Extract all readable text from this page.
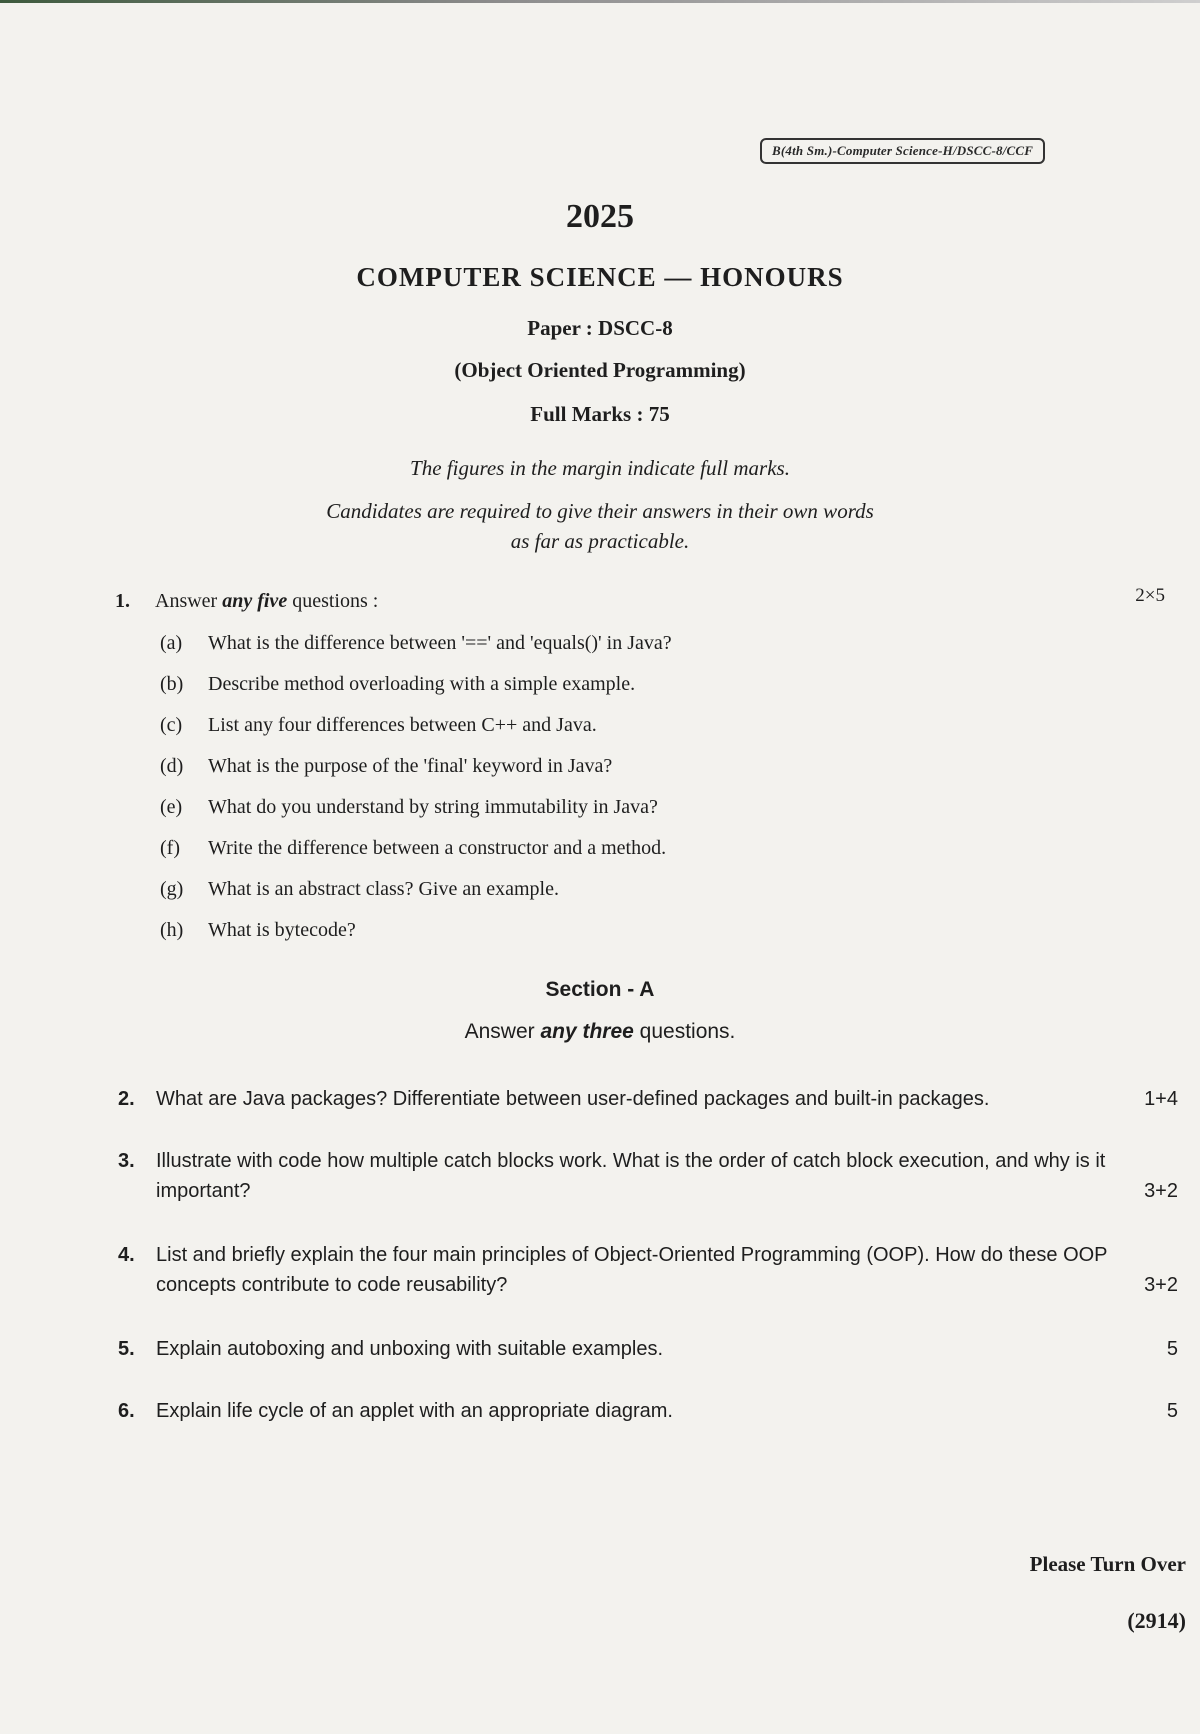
B(4th Sm.)-Computer Science-H/DSCC-8/CCF
2025
COMPUTER SCIENCE — HONOURS
Paper : DSCC-8
(Object Oriented Programming)
Full Marks : 75
The figures in the margin indicate full marks.
Candidates are required to give their answers in their own words
as far as practicable.
1. Answer any five questions :	2×5
(a) What is the difference between '==' and 'equals()' in Java?
(b) Describe method overloading with a simple example.
(c) List any four differences between C++ and Java.
(d) What is the purpose of the 'final' keyword in Java?
(e) What do you understand by string immutability in Java?
(f) Write the difference between a constructor and a method.
(g) What is an abstract class? Give an example.
(h) What is bytecode?
Section - A
Answer any three questions.
2. What are Java packages? Differentiate between user-defined packages and built-in packages.	1+4
3. Illustrate with code how multiple catch blocks work. What is the order of catch block execution, and why is it important?	3+2
4. List and briefly explain the four main principles of Object-Oriented Programming (OOP). How do these OOP concepts contribute to code reusability?	3+2
5. Explain autoboxing and unboxing with suitable examples.	5
6. Explain life cycle of an applet with an appropriate diagram.	5
Please Turn Over
(2914)
